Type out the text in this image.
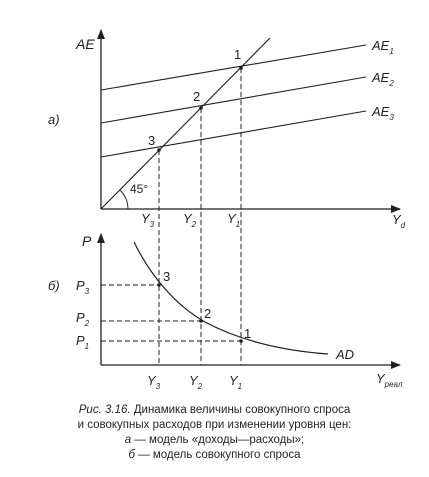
а)
AE
$Y_d$
45°
$AE_1$
$AE_2$
$AE_3$
1
2
3
$Y_3$ $Y_2$ $Y_1$
б)
P
$Y_{реал}$
AD
3
2
1
$P_3$
$P_2$
$P_1$
$Y_3$ $Y_2$ $Y_1$
Рис. 3.16. Динамика величины совокупного спроса
и совокупных расходов при изменении уровня цен:
а — модель «доходы—расходы»;
б — модель совокупного спроса
